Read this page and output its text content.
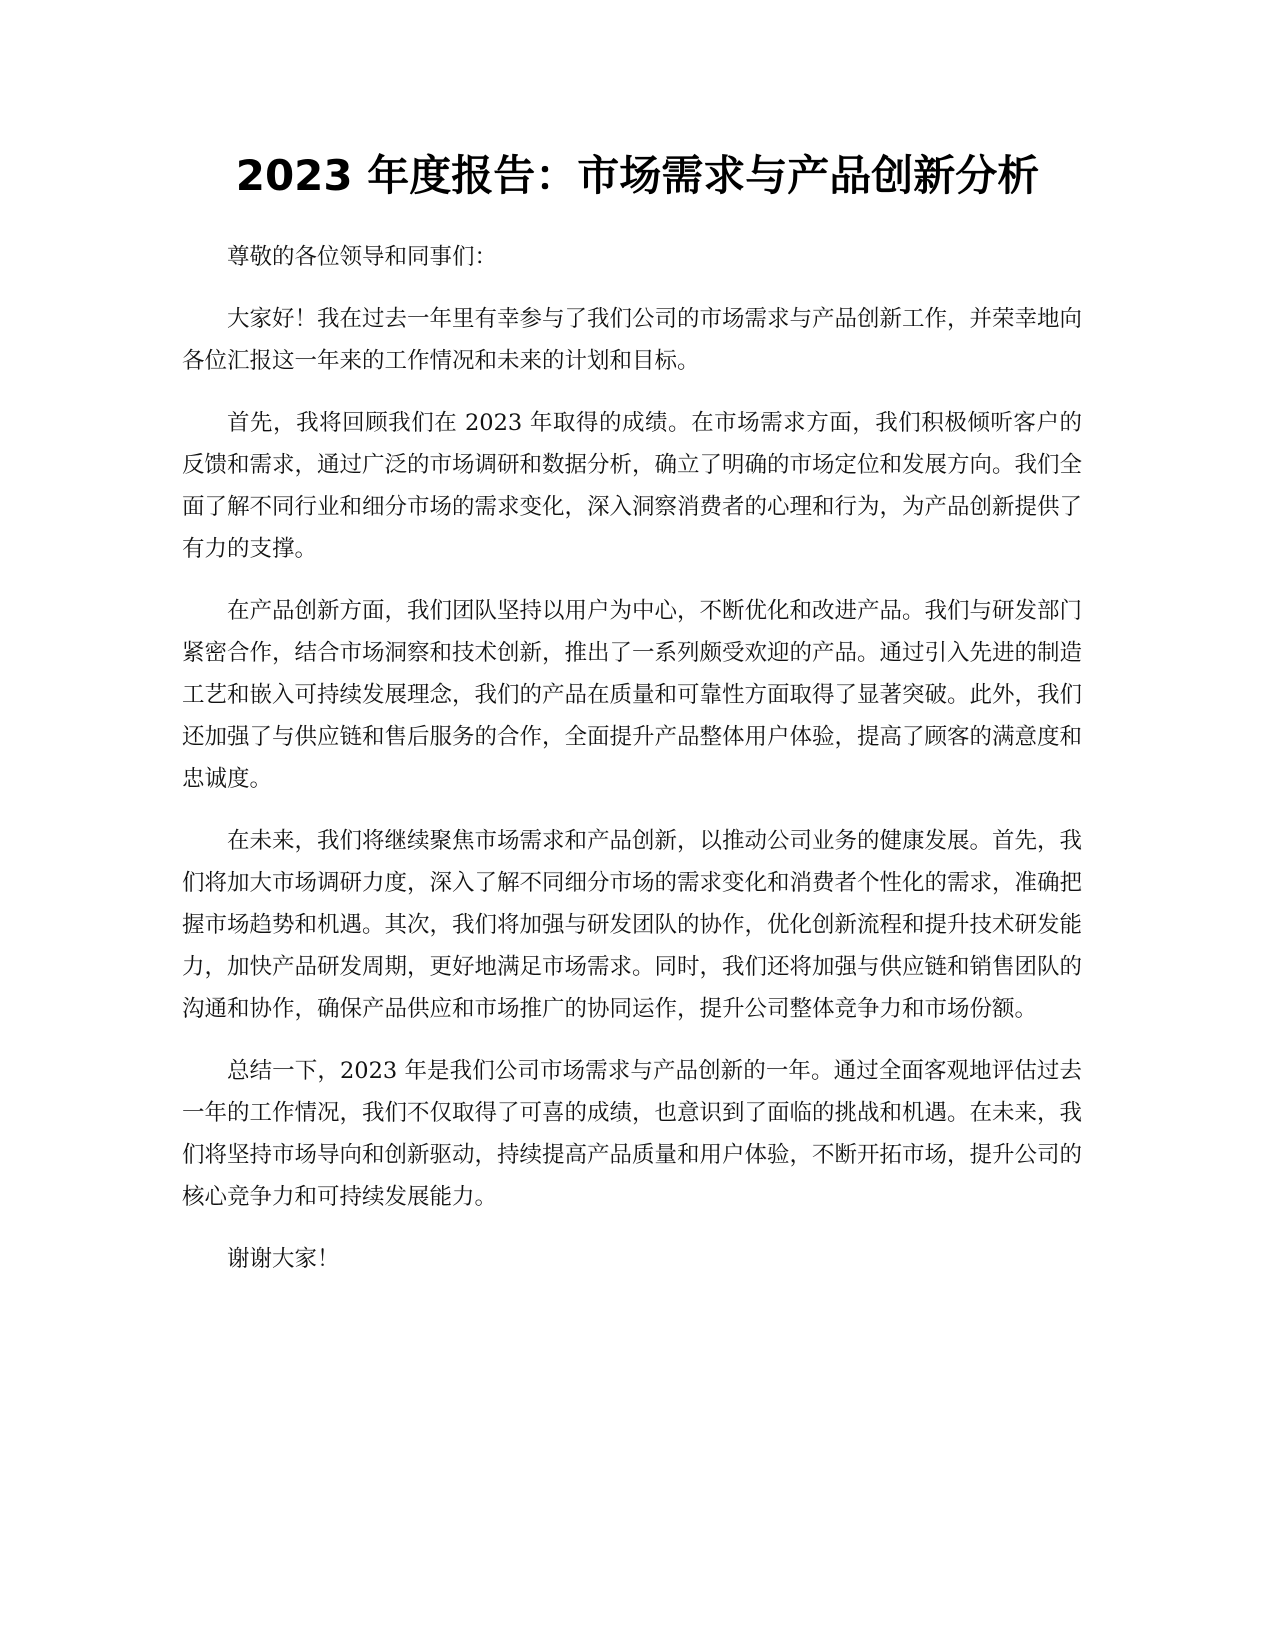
2023 年度报告：市场需求与产品创新分析

尊敬的各位领导和同事们：

大家好！我在过去一年里有幸参与了我们公司的市场需求与产品创新工作，并荣幸地向各位汇报这一年来的工作情况和未来的计划和目标。

首先，我将回顾我们在 2023 年取得的成绩。在市场需求方面，我们积极倾听客户的反馈和需求，通过广泛的市场调研和数据分析，确立了明确的市场定位和发展方向。我们全面了解不同行业和细分市场的需求变化，深入洞察消费者的心理和行为，为产品创新提供了有力的支撑。

在产品创新方面，我们团队坚持以用户为中心，不断优化和改进产品。我们与研发部门紧密合作，结合市场洞察和技术创新，推出了一系列颇受欢迎的产品。通过引入先进的制造工艺和嵌入可持续发展理念，我们的产品在质量和可靠性方面取得了显著突破。此外，我们还加强了与供应链和售后服务的合作，全面提升产品整体用户体验，提高了顾客的满意度和忠诚度。

在未来，我们将继续聚焦市场需求和产品创新，以推动公司业务的健康发展。首先，我们将加大市场调研力度，深入了解不同细分市场的需求变化和消费者个性化的需求，准确把握市场趋势和机遇。其次，我们将加强与研发团队的协作，优化创新流程和提升技术研发能力，加快产品研发周期，更好地满足市场需求。同时，我们还将加强与供应链和销售团队的沟通和协作，确保产品供应和市场推广的协同运作，提升公司整体竞争力和市场份额。

总结一下，2023 年是我们公司市场需求与产品创新的一年。通过全面客观地评估过去一年的工作情况，我们不仅取得了可喜的成绩，也意识到了面临的挑战和机遇。在未来，我们将坚持市场导向和创新驱动，持续提高产品质量和用户体验，不断开拓市场，提升公司的核心竞争力和可持续发展能力。

谢谢大家！
